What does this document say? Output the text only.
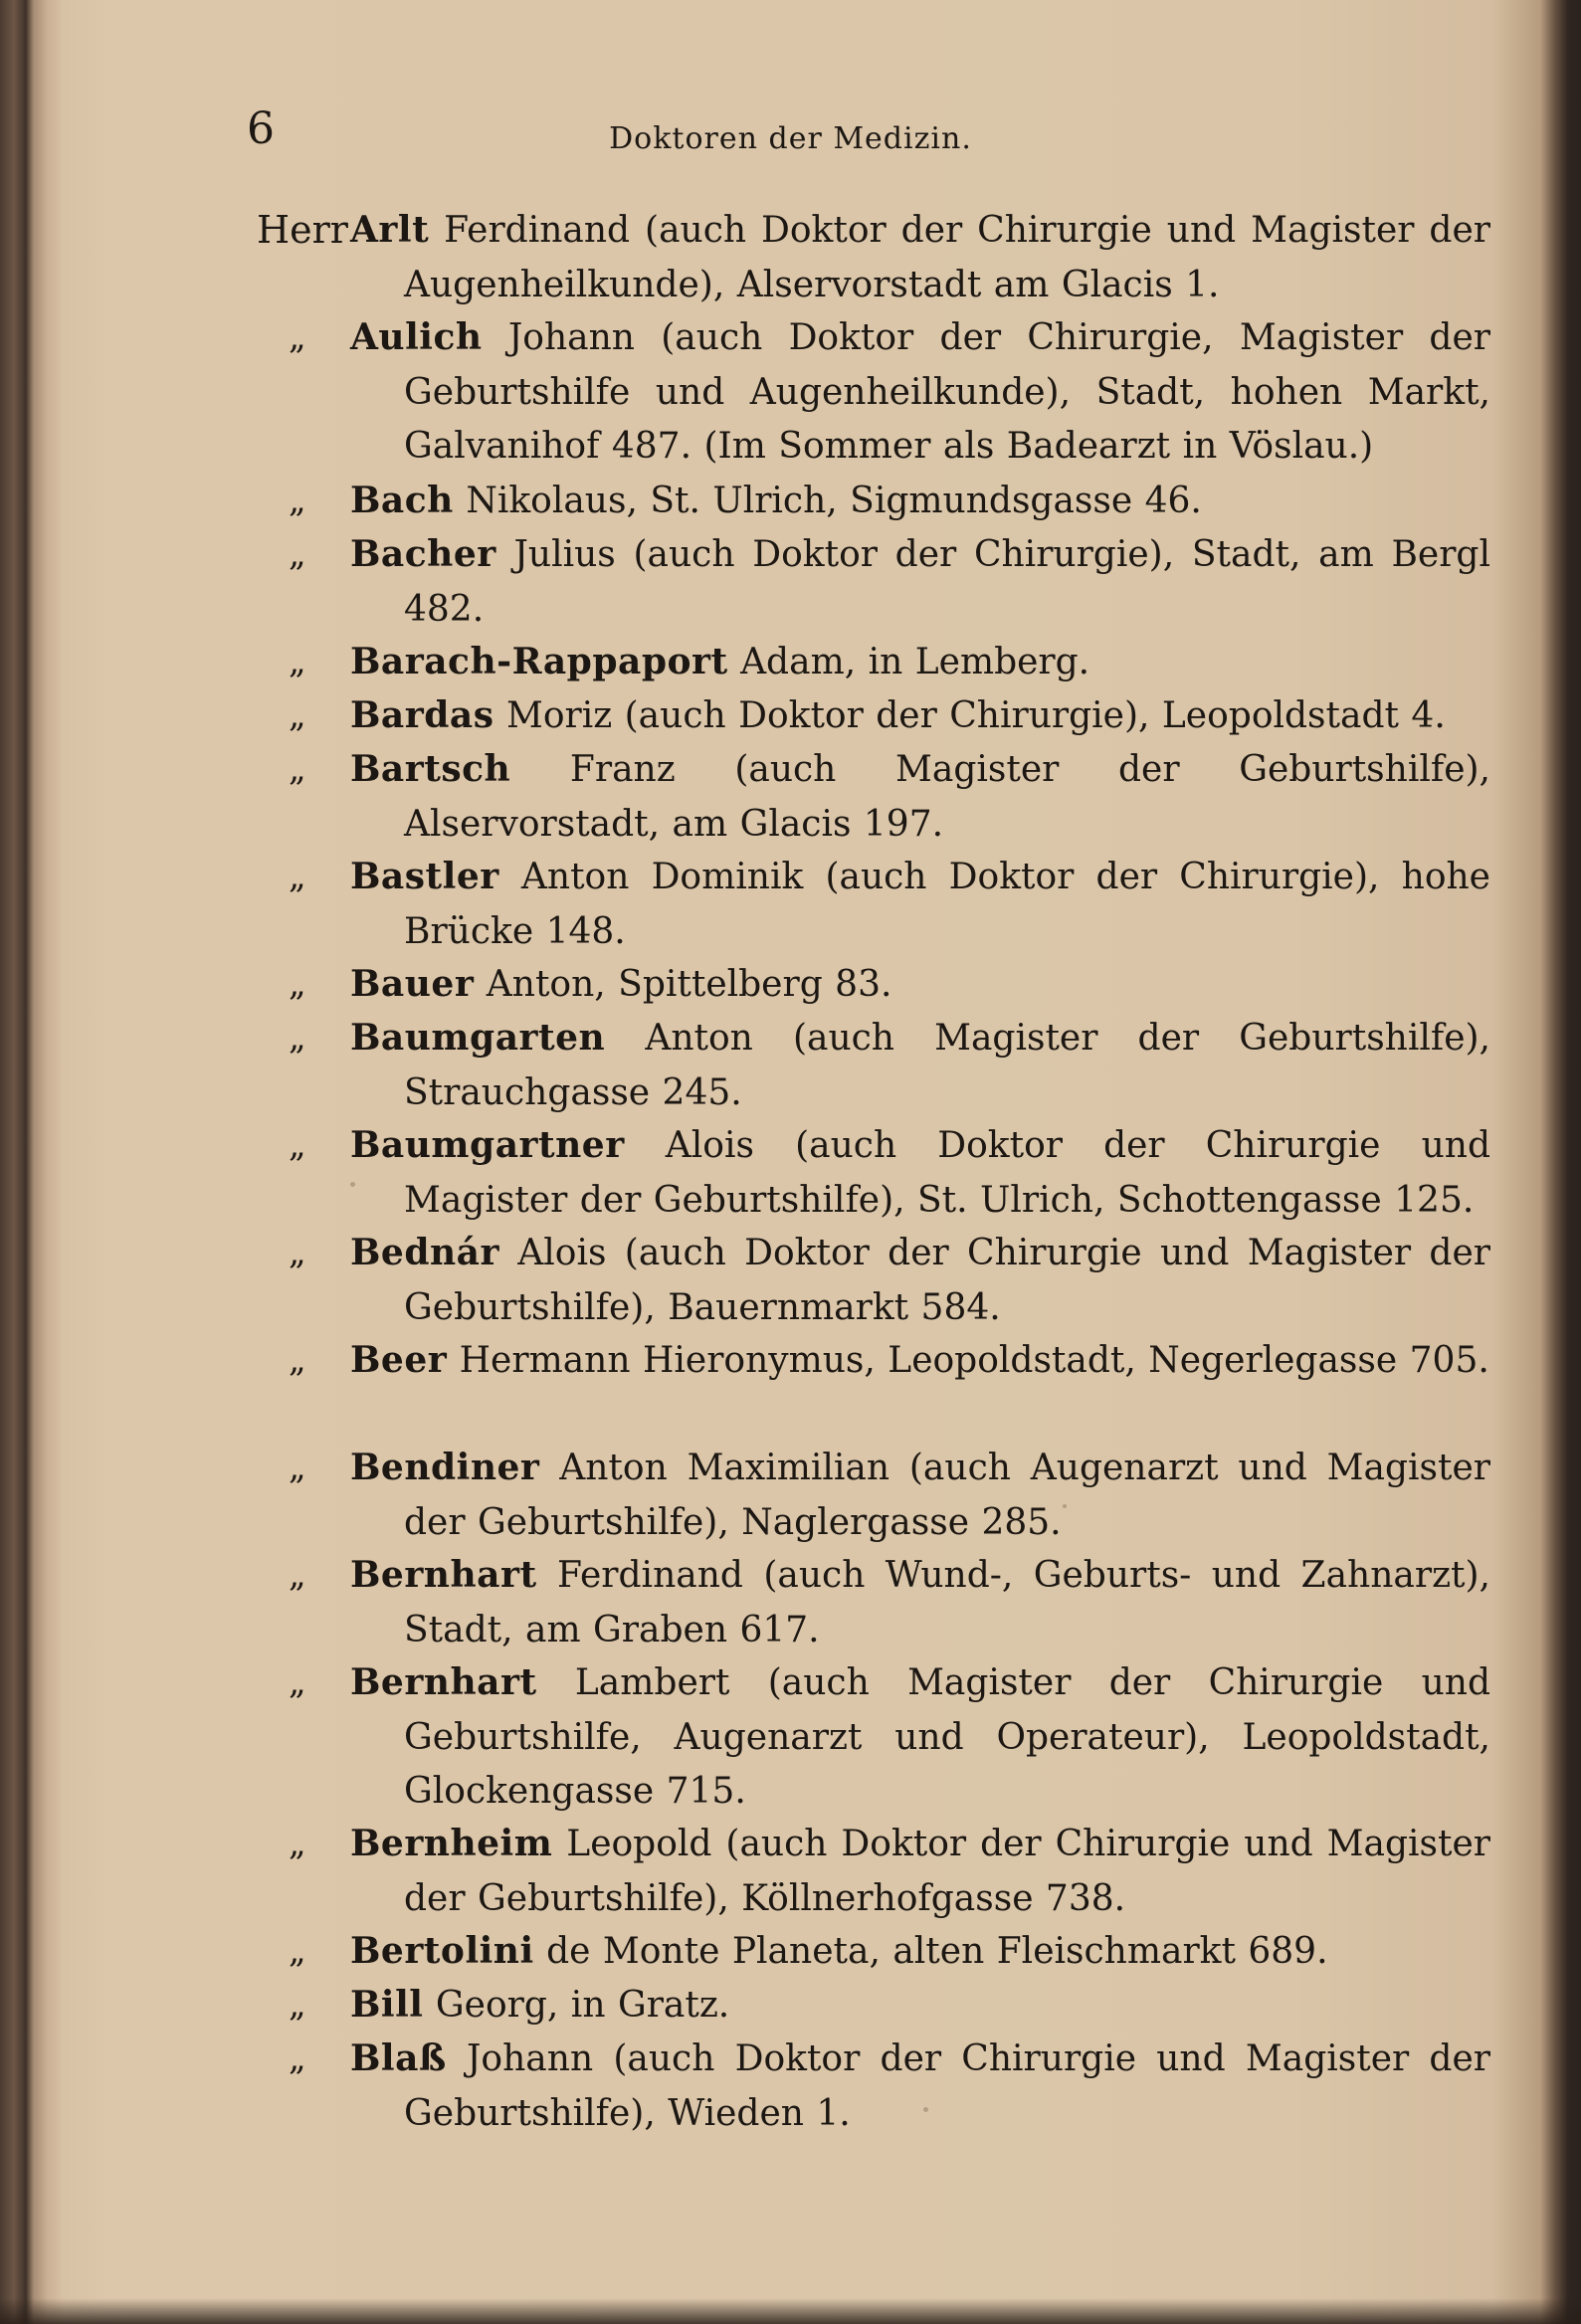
6	Doktoren der Medizin.
Herr Arlt Ferdinand (auch Doktor der Chirurgie und Magister der Augenheilkunde), Alservorstadt am Glacis 1.

„ Aulich Johann (auch Doktor der Chirurgie, Magister der Geburtshilfe und Augenheilkunde), Stadt, hohen Markt, Galvanihof 487. (Im Sommer als Badearzt in Vöslau.)

„ Bach Nikolaus, St. Ulrich, Sigmundsgasse 46.

„ Bacher Julius (auch Doktor der Chirurgie), Stadt, am Bergl 482.

„ Barach-Rappaport Adam, in Lemberg.

„ Bardas Moriz (auch Doktor der Chirurgie), Leopoldstadt 4.

„ Bartsch Franz (auch Magister der Geburtshilfe), Alservorstadt, am Glacis 197.

„ Bastler Anton Dominik (auch Doktor der Chirurgie), hohe Brücke 148.

„ Bauer Anton, Spittelberg 83.

„ Baumgarten Anton (auch Magister der Geburtshilfe), Strauchgasse 245.

„ Baumgartner Alois (auch Doktor der Chirurgie und Magister der Geburtshilfe), St. Ulrich, Schottengasse 125.

„ Bednár Alois (auch Doktor der Chirurgie und Magister der Geburtshilfe), Bauernmarkt 584.

„ Beer Hermann Hieronymus, Leopoldstadt, Negerlegasse 705.

„ Bendiner Anton Maximilian (auch Augenarzt und Magister der Geburtshilfe), Naglergasse 285.

„ Bernhart Ferdinand (auch Wund-, Geburts- und Zahnarzt), Stadt, am Graben 617.

„ Bernhart Lambert (auch Magister der Chirurgie und Geburtshilfe, Augenarzt und Operateur), Leopoldstadt, Glockengasse 715.

„ Bernheim Leopold (auch Doktor der Chirurgie und Magister der Geburtshilfe), Köllnerhofgasse 738.

„ Bertolini de Monte Planeta, alten Fleischmarkt 689.

„ Bill Georg, in Gratz.

„ Blaß Johann (auch Doktor der Chirurgie und Magister der Geburtshilfe), Wieden 1.
